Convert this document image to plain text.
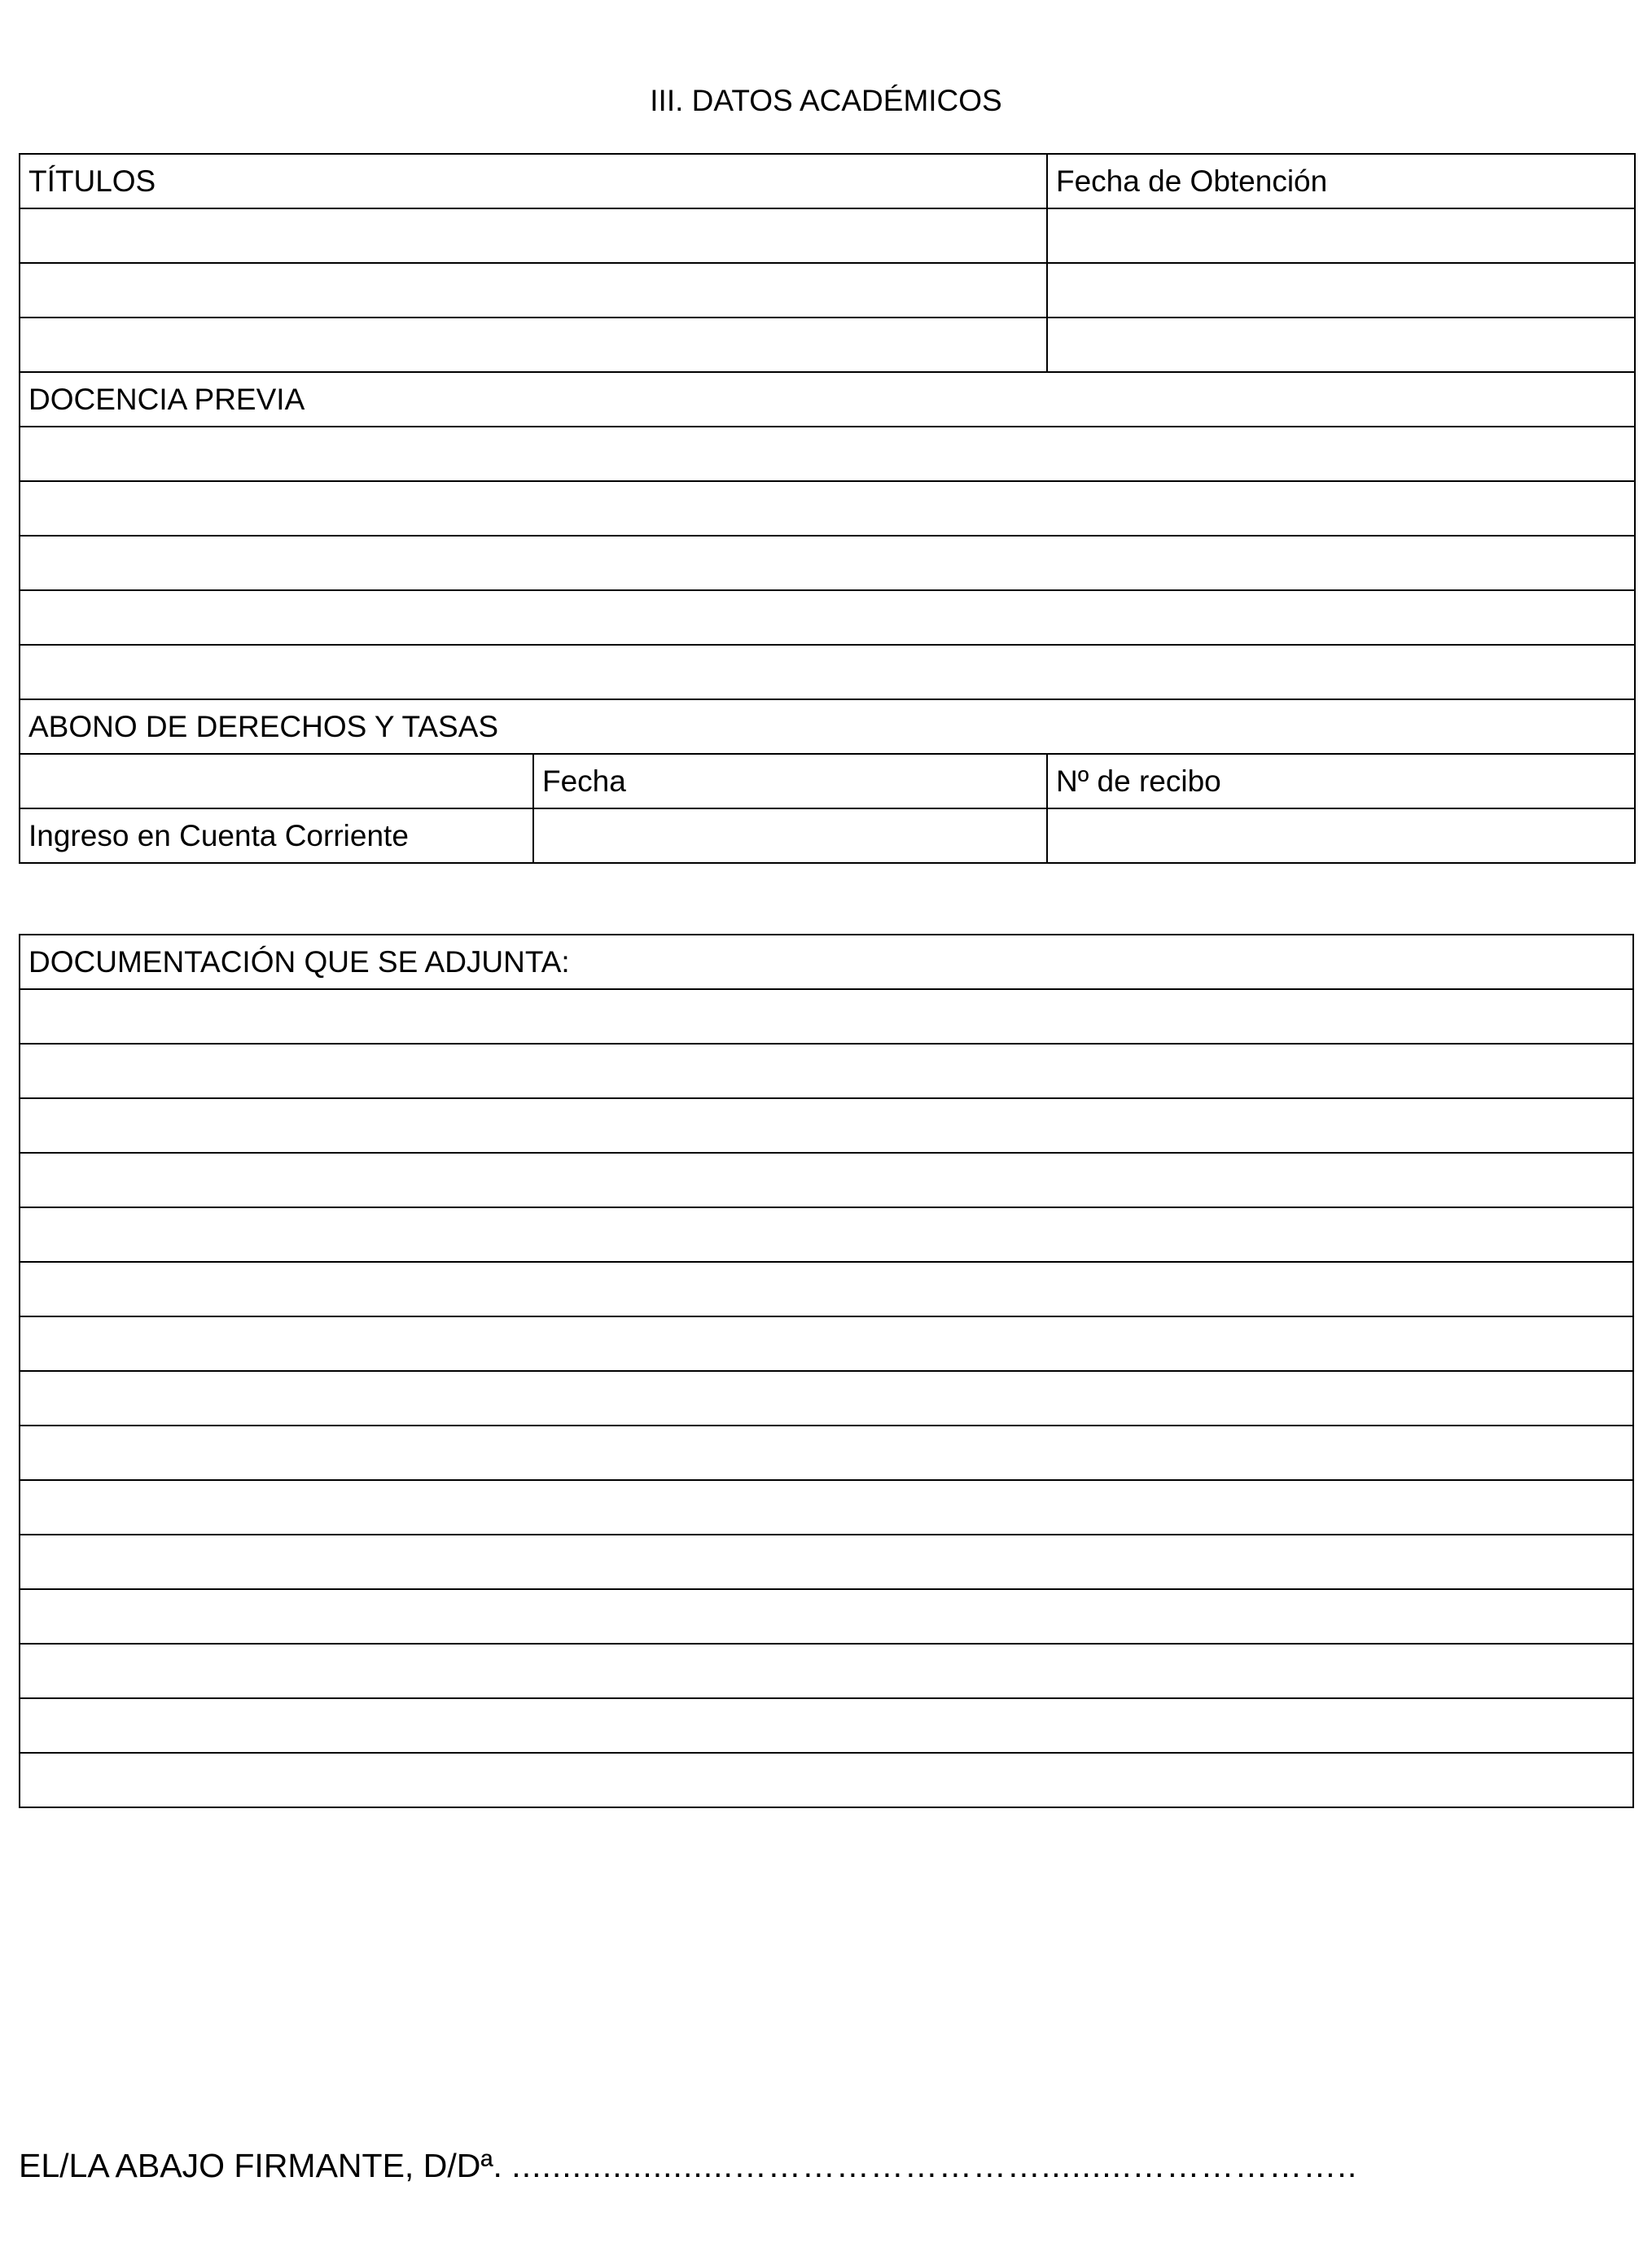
III. DATOS ACADÉMICOS
TÍTULOS		Fecha de Obtención

DOCENCIA PREVIA		

ABONO DE DERECHOS Y TASAS		
	Fecha	Nº de recibo
Ingreso en Cuenta Corriente		
DOCUMENTACIÓN QUE SE ADJUNTA:

EL/LA ABAJO FIRMANTE, D/Dª. ......................……………………….........………………..
